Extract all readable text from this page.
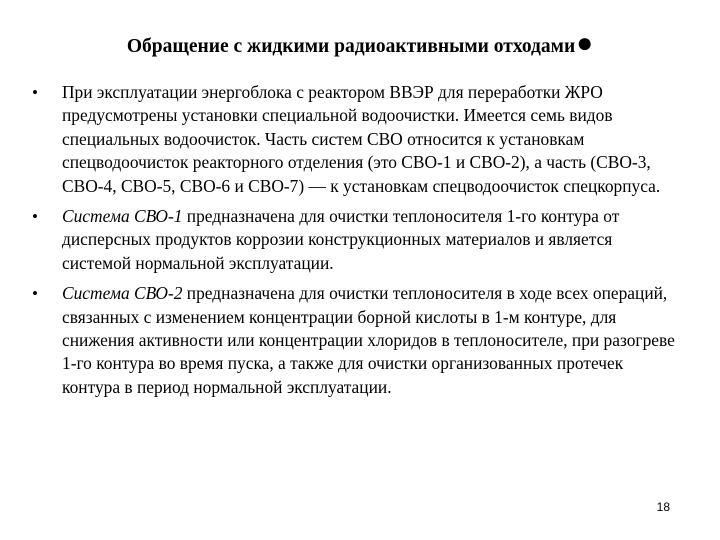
Обращение с жидкими радиоактивными отходами●
• При эксплуатации энергоблока с реактором ВВЭР для переработки ЖРО предусмотрены установки специальной водоочистки. Имеется семь видов специальных водоочисток. Часть систем СВО относится к установкам спецводоочисток реакторного отделения (это СВО-1 и СВО-2), а часть (СВО-3, СВО-4, СВО-5, СВО-6 и СВО-7) — к установкам спецводоочисток спецкорпуса.
• Система СВО-1 предназначена для очистки теплоносителя 1-го контура от дисперсных продуктов коррозии конструкционных материалов и является системой нормальной эксплуатации.
• Система СВО-2 предназначена для очистки теплоносителя в ходе всех операций, связанных с изменением концентрации борной кислоты в 1-м контуре, для снижения активности или концентрации хлоридов в теплоносителе, при разогреве 1-го контура во время пуска, а также для очистки организованных протечек контура в период нормальной эксплуатации.
18
